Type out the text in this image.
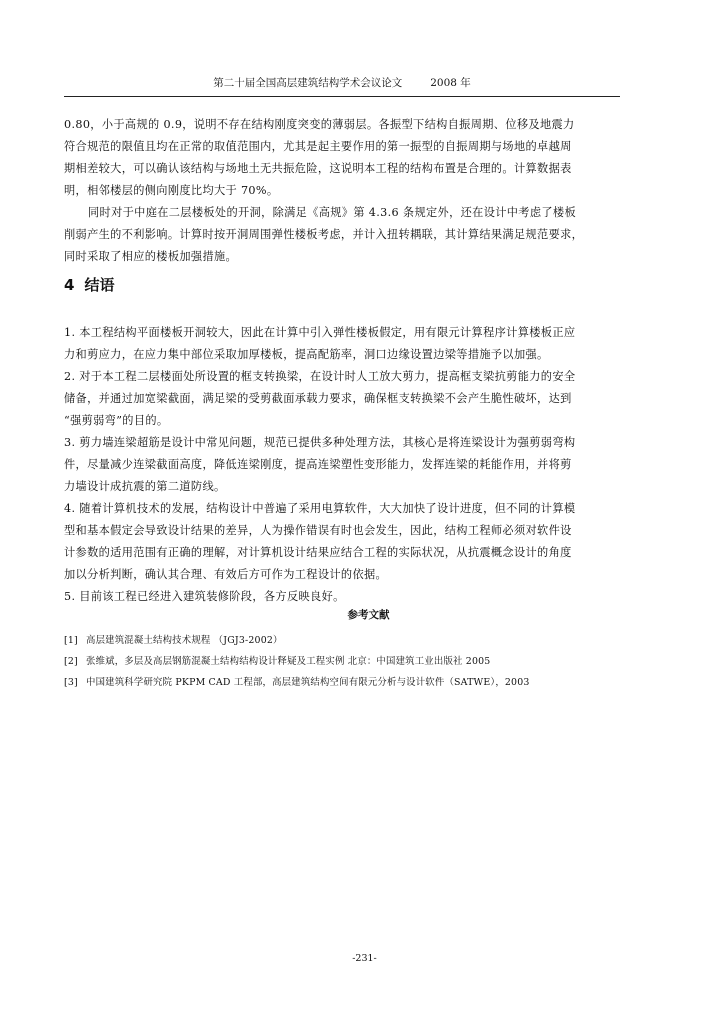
第二十届全国高层建筑结构学术会议论文	2008 年
0.80，小于高规的 0.9，说明不存在结构刚度突变的薄弱层。各振型下结构自振周期、位移及地震力
符合规范的限值且均在正常的取值范围内，尤其是起主要作用的第一振型的自振周期与场地的卓越周
期相差较大，可以确认该结构与场地土无共振危险，这说明本工程的结构布置是合理的。计算数据表
明，相邻楼层的侧向刚度比均大于 70%。
同时对于中庭在二层楼板处的开洞，除满足《高规》第 4.3.6 条规定外，还在设计中考虑了楼板
削弱产生的不利影响。计算时按开洞周围弹性楼板考虑，并计入扭转耦联，其计算结果满足规范要求，
同时采取了相应的楼板加强措施。
4 结语
1. 本工程结构平面楼板开洞较大，因此在计算中引入弹性楼板假定，用有限元计算程序计算楼板正应
力和剪应力，在应力集中部位采取加厚楼板，提高配筋率，洞口边缘设置边梁等措施予以加强。
2. 对于本工程二层楼面处所设置的框支转换梁，在设计时人工放大剪力，提高框支梁抗剪能力的安全
储备，并通过加宽梁截面，满足梁的受剪截面承载力要求，确保框支转换梁不会产生脆性破坏，达到
“强剪弱弯”的目的。
3. 剪力墙连梁超筋是设计中常见问题，规范已提供多种处理方法，其核心是将连梁设计为强剪弱弯构
件，尽量减少连梁截面高度，降低连梁刚度，提高连梁塑性变形能力，发挥连梁的耗能作用，并将剪
力墙设计成抗震的第二道防线。
4. 随着计算机技术的发展，结构设计中普遍了采用电算软件，大大加快了设计进度，但不同的计算模
型和基本假定会导致设计结果的差异，人为操作错误有时也会发生，因此，结构工程师必须对软件设
计参数的适用范围有正确的理解，对计算机设计结果应结合工程的实际状况，从抗震概念设计的角度
加以分析判断，确认其合理、有效后方可作为工程设计的依据。
5. 目前该工程已经进入建筑装修阶段，各方反映良好。
参考文献
[1] 高层建筑混凝土结构技术规程 （JGJ3-2002）
[2] 张维斌，多层及高层钢筋混凝土结构结构设计释疑及工程实例 北京：中国建筑工业出版社 2005
[3] 中国建筑科学研究院 PKPM CAD 工程部，高层建筑结构空间有限元分析与设计软件（SATWE），2003
-231-
